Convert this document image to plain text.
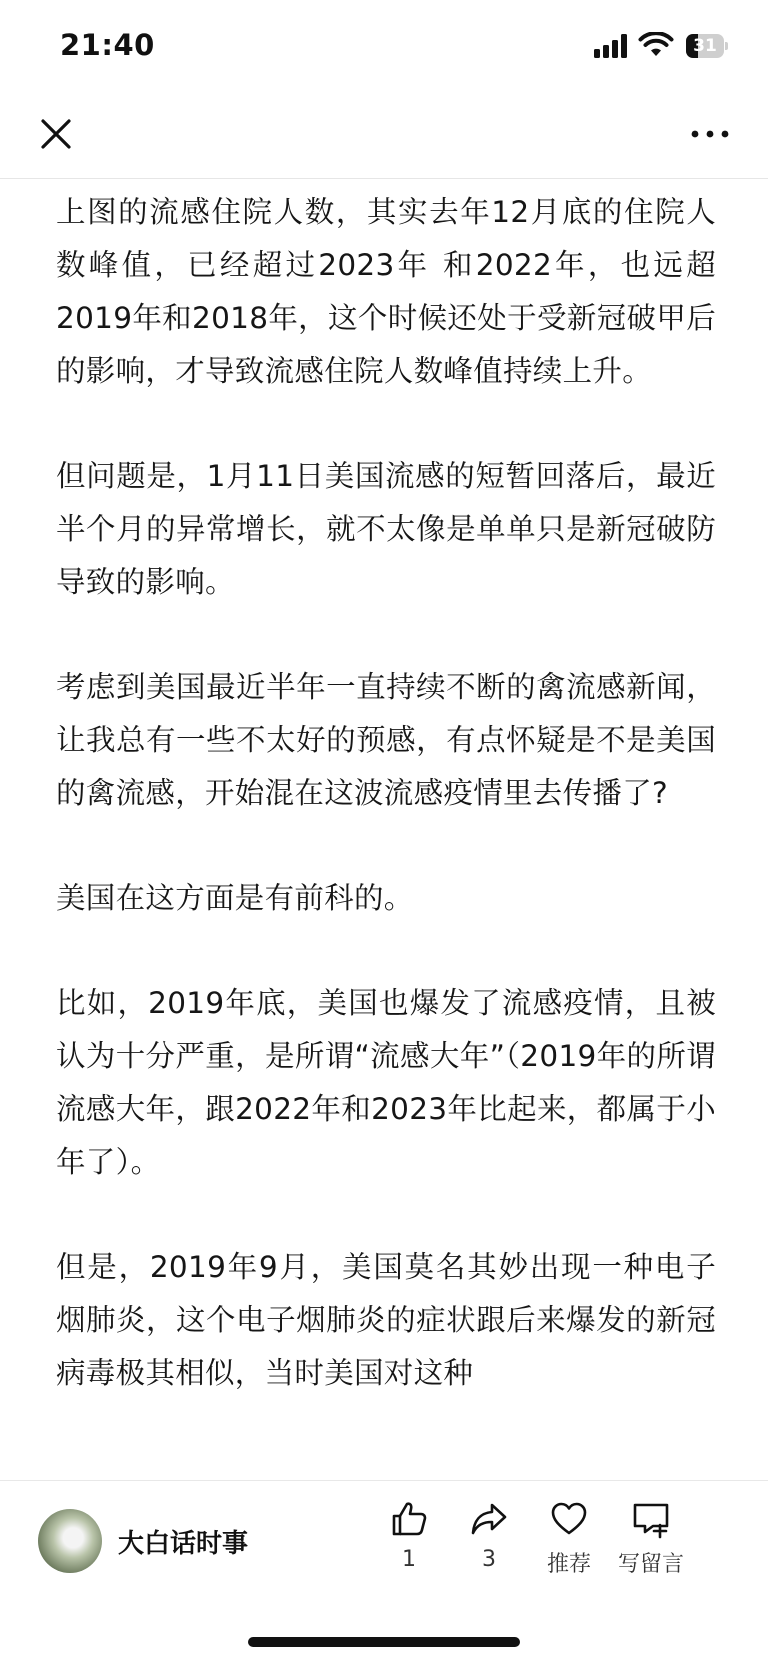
21:40	31

上图的流感住院人数，其实去年12月底的住院人数峰值，已经超过2023年 和2022年，也远超2019年和2018年，这个时候还处于受新冠破甲后的影响，才导致流感住院人数峰值持续上升。

但问题是，1月11日美国流感的短暂回落后，最近半个月的异常增长，就不太像是单单只是新冠破防导致的影响。

考虑到美国最近半年一直持续不断的禽流感新闻，让我总有一些不太好的预感，有点怀疑是不是美国的禽流感，开始混在这波流感疫情里去传播了?

美国在这方面是有前科的。

比如，2019年底，美国也爆发了流感疫情，且被认为十分严重，是所谓“流感大年”（2019年的所谓流感大年，跟2022年和2023年比起来，都属于小年了）。

但是，2019年9月，美国莫名其妙出现一种电子烟肺炎，这个电子烟肺炎的症状跟后来爆发的新冠病毒极其相似，当时美国对这种

大白话时事
1	3	推荐	写留言
